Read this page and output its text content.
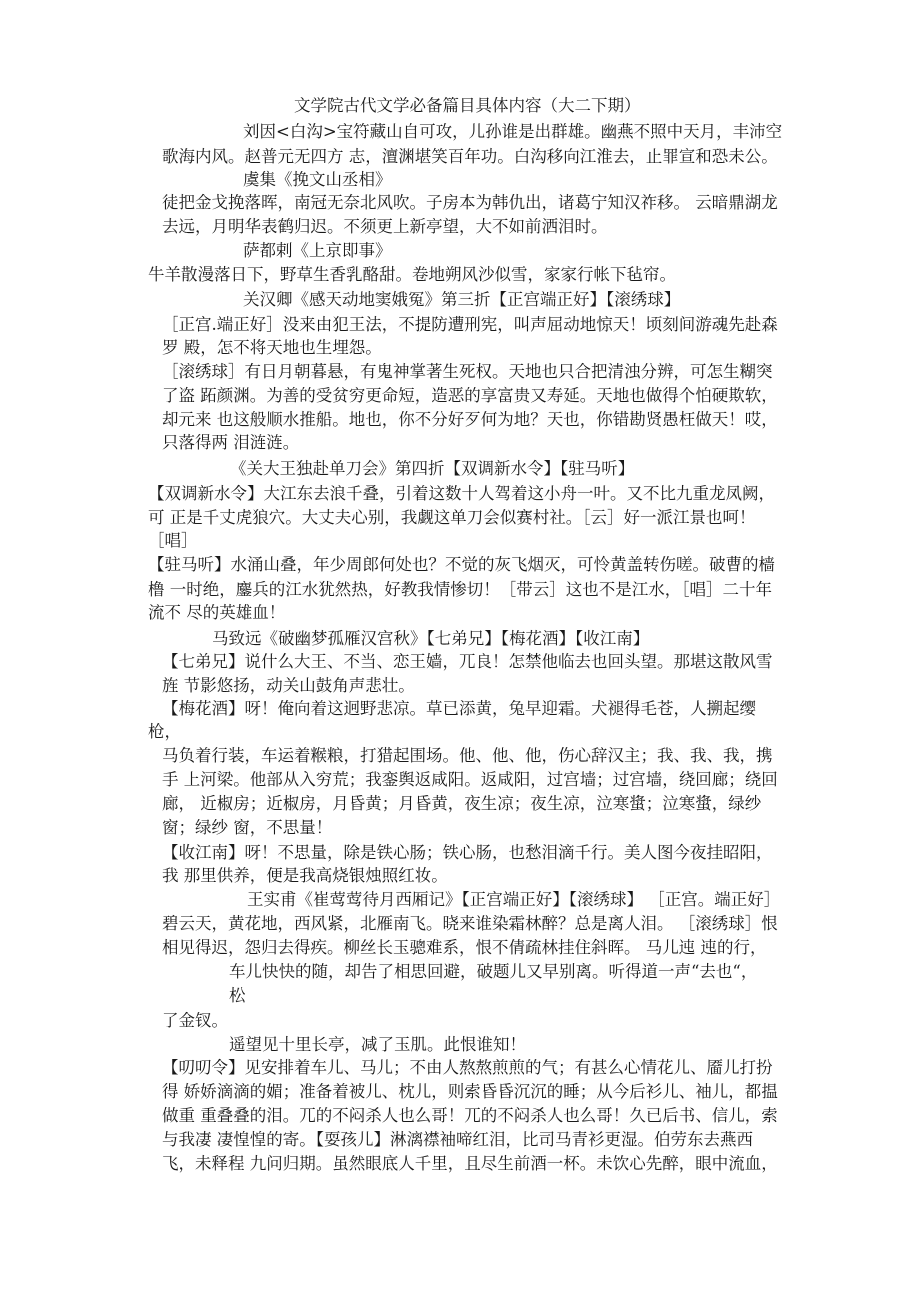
文学院古代文学必备篇目具体内容（大二下期）
刘因<白沟>宝符藏山自可攻，儿孙谁是出群雄。幽燕不照中天月，丰沛空
歌海内风。赵普元无四方 志，澶渊堪笑百年功。白沟移向江淮去，止罪宣和恐未公。
虞集《挽文山丞相》
徒把金戈挽落晖，南冠无奈北风吹。子房本为韩仇出，诸葛宁知汉祚移。 云暗鼎湖龙
去远，月明华表鹤归迟。不须更上新亭望，大不如前洒泪时。
萨都剌《上京即事》
牛羊散漫落日下，野草生香乳酪甜。卷地朔风沙似雪，家家行帐下毡帘。
关汉卿《感天动地窦娥冤》第三折【正宫端正好】【滚绣球】
［正宫.端正好］没来由犯王法，不提防遭刑宪，叫声屈动地惊天！顷刻间游魂先赴森
罗 殿，怎不将天地也生埋怨。
［滚绣球］有日月朝暮悬，有鬼神掌著生死权。天地也只合把清浊分辨，可怎生糊突
了盗 跖颜渊。为善的受贫穷更命短，造恶的享富贵又寿延。天地也做得个怕硬欺软，
却元来 也这般顺水推船。地也，你不分好歹何为地？天也，你错勘贤愚枉做天！哎，
只落得两 泪涟涟。
《关大王独赴单刀会》第四折【双调新水令】【驻马听】
【双调新水令】大江东去浪千叠，引着这数十人驾着这小舟一叶。又不比九重龙凤阙，
可 正是千丈虎狼穴。大丈夫心别，我觑这单刀会似赛村社。［云］好一派江景也呵！
［唱］
【驻马听】水涌山叠，年少周郎何处也？不觉的灰飞烟灭，可怜黄盖转伤嗟。破曹的樯
橹 一时绝，鏖兵的江水犹然热，好教我情惨切！［带云］这也不是江水，［唱］二十年
流不 尽的英雄血！
马致远《破幽梦孤雁汉宫秋》【七弟兄】【梅花酒】【收江南】
【七弟兄】说什么大王、不当、恋王嫱，兀良！怎禁他临去也回头望。那堪这散风雪
旌 节影悠扬，动关山鼓角声悲壮。
【梅花酒】呀！俺向着这迥野悲凉。草已添黄，兔早迎霜。犬褪得毛苍，人搠起缨
枪，
马负着行装，车运着糇粮，打猎起围场。他、他、他，伤心辞汉主；我、我、我，携
手 上河梁。他部从入穷荒；我銮舆返咸阳。返咸阳，过宫墙；过宫墙，绕回廊；绕回
廊， 近椒房；近椒房，月昏黄；月昏黄，夜生凉；夜生凉，泣寒螀；泣寒螀，绿纱
窗；绿纱 窗，不思量！
【收江南】呀！不思量，除是铁心肠；铁心肠，也愁泪滴千行。美人图今夜挂昭阳，
我 那里供养，便是我高烧银烛照红妆。
王实甫《崔莺莺待月西厢记》【正宫端正好】【滚绣球】 ［正宫。端正好］
碧云天，黄花地，西风紧，北雁南飞。晓来谁染霜林醉？总是离人泪。 ［滚绣球］恨
相见得迟，怨归去得疾。柳丝长玉骢难系，恨不倩疏林挂住斜晖。 马儿迍 迍的行，
车儿快快的随，却告了相思回避，破题儿又早别离。听得道一声“去也“，
松
了金钗。
遥望见十里长亭，减了玉肌。此恨谁知！
【叨叨令】见安排着车儿、马儿；不由人熬熬煎煎的气；有甚么心情花儿、靥儿打扮
得 娇娇滴滴的媚；准备着被儿、枕儿，则索昏昏沉沉的睡；从今后衫儿、袖儿，都揾
做重 重叠叠的泪。兀的不闷杀人也么哥！兀的不闷杀人也么哥！久已后书、信儿，索
与我凄 凄惶惶的寄。【耍孩儿】淋漓襟袖啼红泪，比司马青衫更湿。伯劳东去燕西
飞，未释程 九问归期。虽然眼底人千里，且尽生前酒一杯。未饮心先醉，眼中流血，
